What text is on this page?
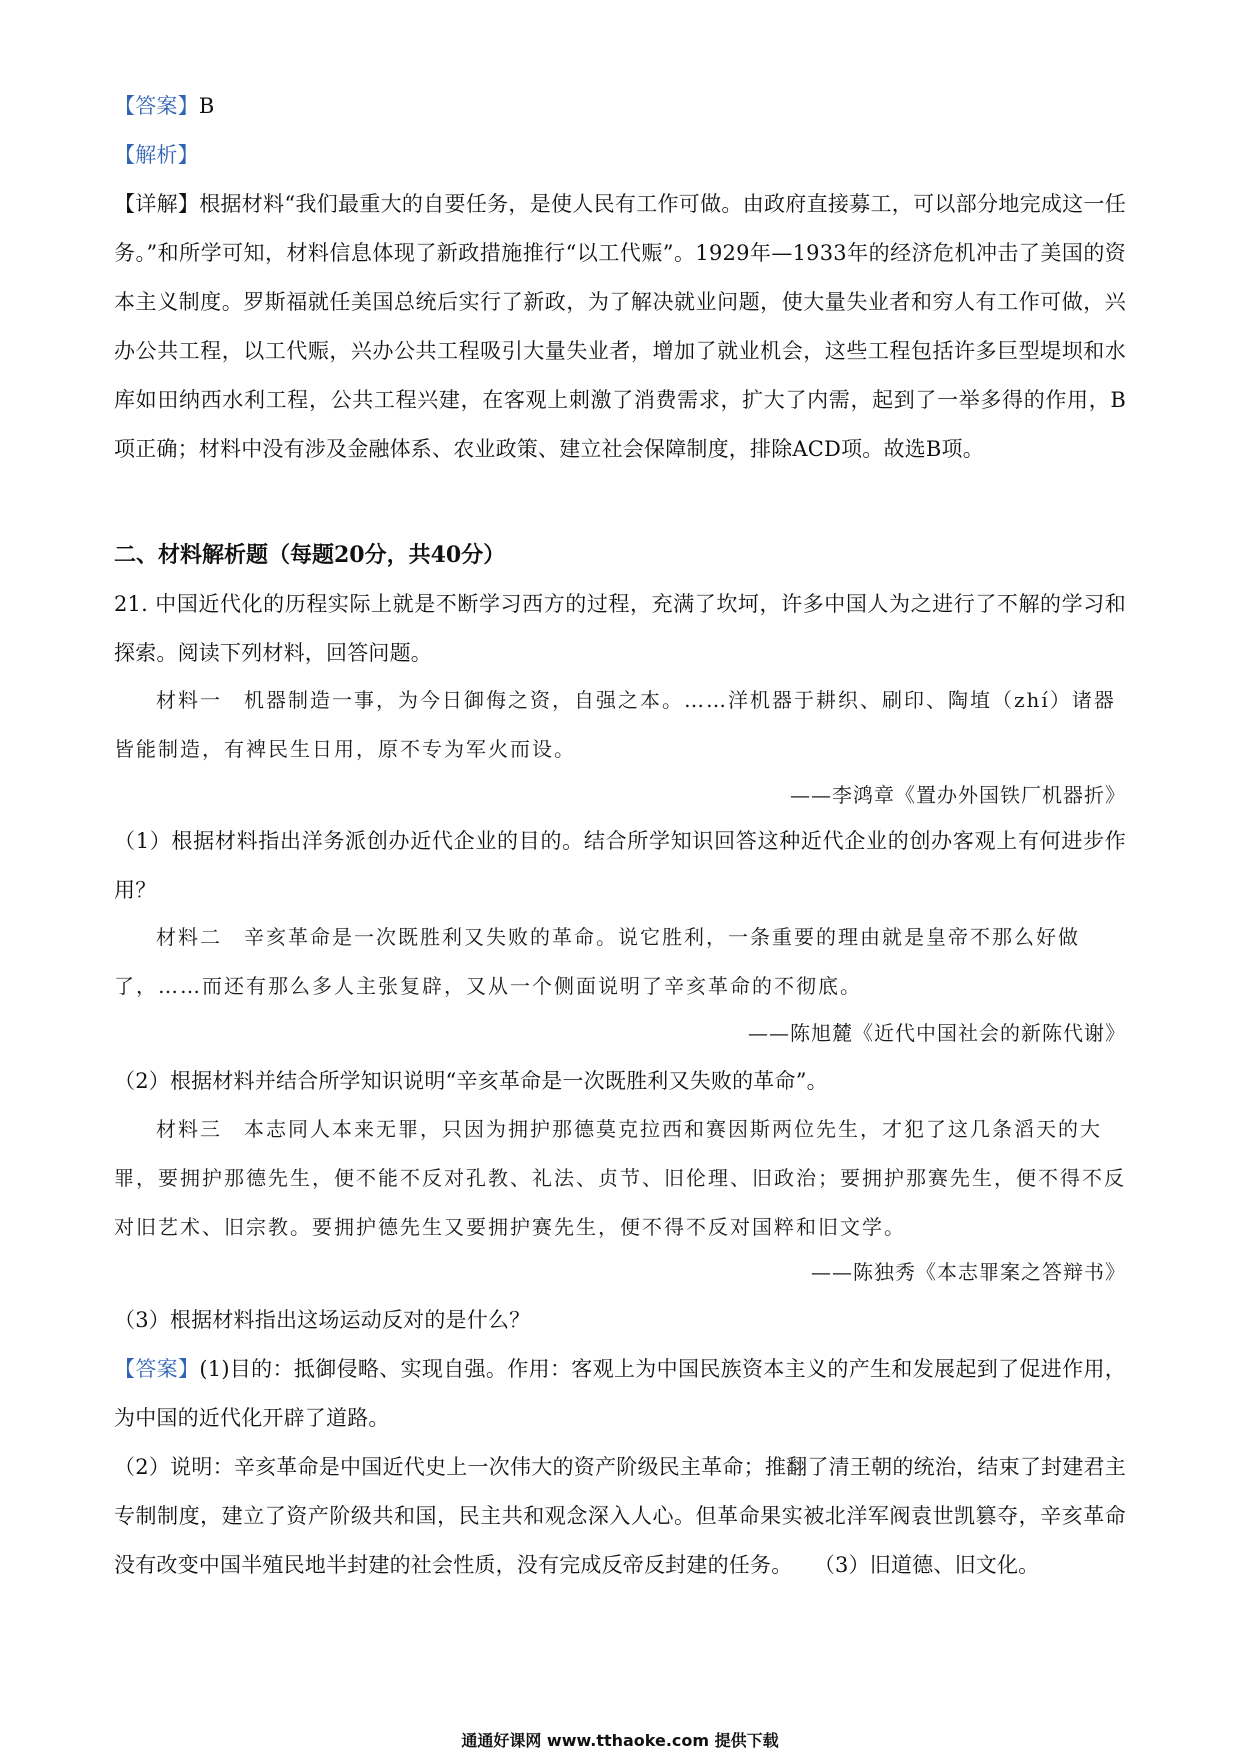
【答案】B

【解析】

【详解】根据材料“我们最重大的自要任务，是使人民有工作可做。由政府直接募工，可以部分地完成这一任务。”和所学可知，材料信息体现了新政措施推行“以工代赈”。1929年—1933年的经济危机冲击了美国的资本主义制度。罗斯福就任美国总统后实行了新政，为了解决就业问题，使大量失业者和穷人有工作可做，兴办公共工程，以工代赈，兴办公共工程吸引大量失业者，增加了就业机会，这些工程包括许多巨型堤坝和水库如田纳西水利工程，公共工程兴建，在客观上刺激了消费需求，扩大了内需，起到了一举多得的作用，B项正确；材料中没有涉及金融体系、农业政策、建立社会保障制度，排除ACD项。故选B项。

二、材料解析题（每题20分，共40分）

21. 中国近代化的历程实际上就是不断学习西方的过程，充满了坎坷，许多中国人为之进行了不解的学习和探索。阅读下列材料，回答问题。

材料一　机器制造一事，为今日御侮之资，自强之本。……洋机器于耕织、刷印、陶埴（zhí）诸器皆能制造，有裨民生日用，原不专为军火而设。

——李鸿章《置办外国铁厂机器折》

（1）根据材料指出洋务派创办近代企业的目的。结合所学知识回答这种近代企业的创办客观上有何进步作用？

材料二　辛亥革命是一次既胜利又失败的革命。说它胜利，一条重要的理由就是皇帝不那么好做了，……而还有那么多人主张复辟，又从一个侧面说明了辛亥革命的不彻底。

——陈旭麓《近代中国社会的新陈代谢》

（2）根据材料并结合所学知识说明“辛亥革命是一次既胜利又失败的革命”。

材料三　本志同人本来无罪，只因为拥护那德莫克拉西和赛因斯两位先生，才犯了这几条滔天的大罪，要拥护那德先生，便不能不反对孔教、礼法、贞节、旧伦理、旧政治；要拥护那赛先生，便不得不反对旧艺术、旧宗教。要拥护德先生又要拥护赛先生，便不得不反对国粹和旧文学。

——陈独秀《本志罪案之答辩书》

（3）根据材料指出这场运动反对的是什么？

【答案】(1)目的：抵御侵略、实现自强。作用：客观上为中国民族资本主义的产生和发展起到了促进作用，为中国的近代化开辟了道路。

（2）说明：辛亥革命是中国近代史上一次伟大的资产阶级民主革命；推翻了清王朝的统治，结束了封建君主专制制度，建立了资产阶级共和国，民主共和观念深入人心。但革命果实被北洋军阀袁世凯篡夺，辛亥革命没有改变中国半殖民地半封建的社会性质，没有完成反帝反封建的任务。　　 （3）旧道德、旧文化。

通通好课网 www.tthaoke.com 提供下载
